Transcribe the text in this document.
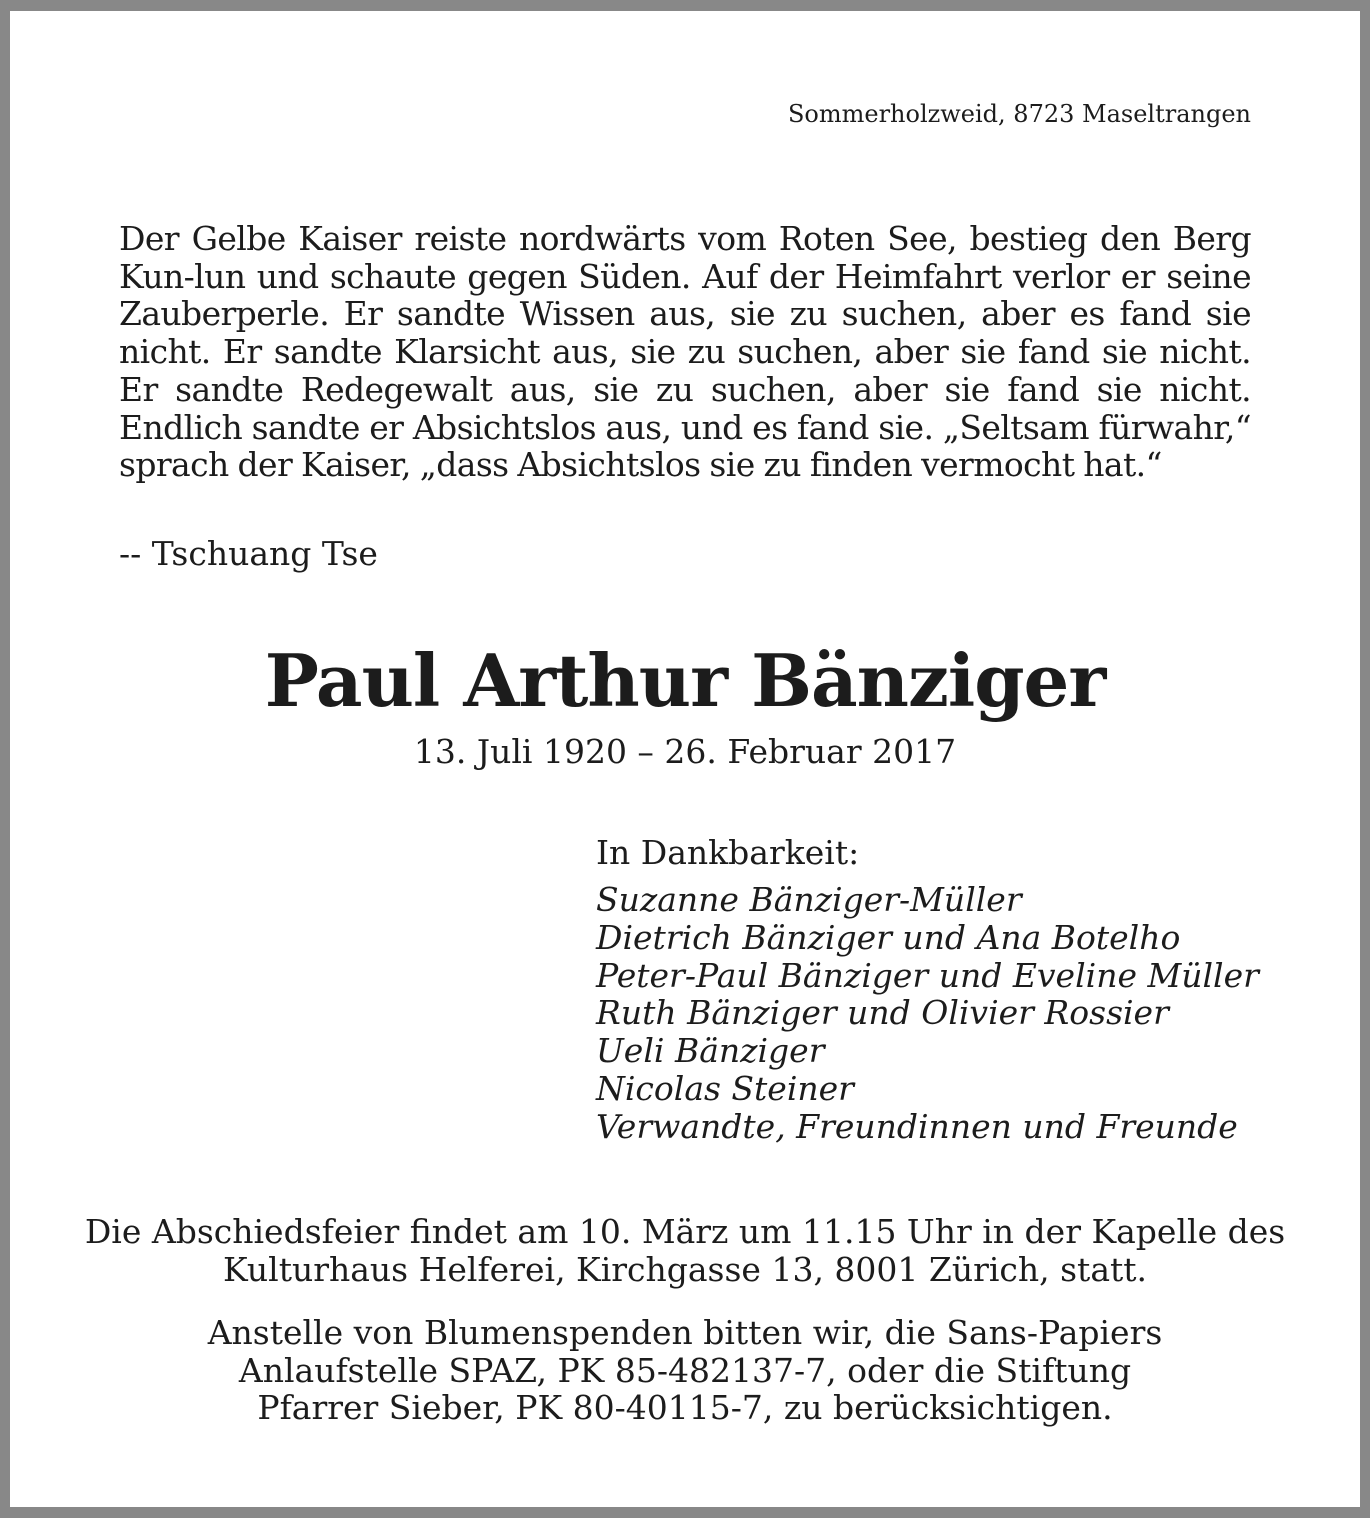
Sommerholzweid, 8723 Maseltrangen

Der Gelbe Kaiser reiste nordwärts vom Roten See, bestieg den Berg Kun-lun und schaute gegen Süden. Auf der Heimfahrt verlor er seine Zauberperle. Er sandte Wissen aus, sie zu suchen, aber es fand sie nicht. Er sandte Klarsicht aus, sie zu suchen, aber sie fand sie nicht. Er sandte Redegewalt aus, sie zu suchen, aber sie fand sie nicht. Endlich sandte er Absichtslos aus, und es fand sie. „Seltsam fürwahr,“ sprach der Kaiser, „dass Absichtslos sie zu finden vermocht hat.“

-- Tschuang Tse
Paul Arthur Bänziger
13. Juli 1920 – 26. Februar 2017
In Dankbarkeit:
Suzanne Bänziger-Müller
Dietrich Bänziger und Ana Botelho
Peter-Paul Bänziger und Eveline Müller
Ruth Bänziger und Olivier Rossier
Ueli Bänziger
Nicolas Steiner
Verwandte, Freundinnen und Freunde
Die Abschiedsfeier findet am 10. März um 11.15 Uhr in der Kapelle des
Kulturhaus Helferei, Kirchgasse 13, 8001 Zürich, statt.
Anstelle von Blumenspenden bitten wir, die Sans-Papiers
Anlaufstelle SPAZ, PK 85-482137-7, oder die Stiftung
Pfarrer Sieber, PK 80-40115-7, zu berücksichtigen.
